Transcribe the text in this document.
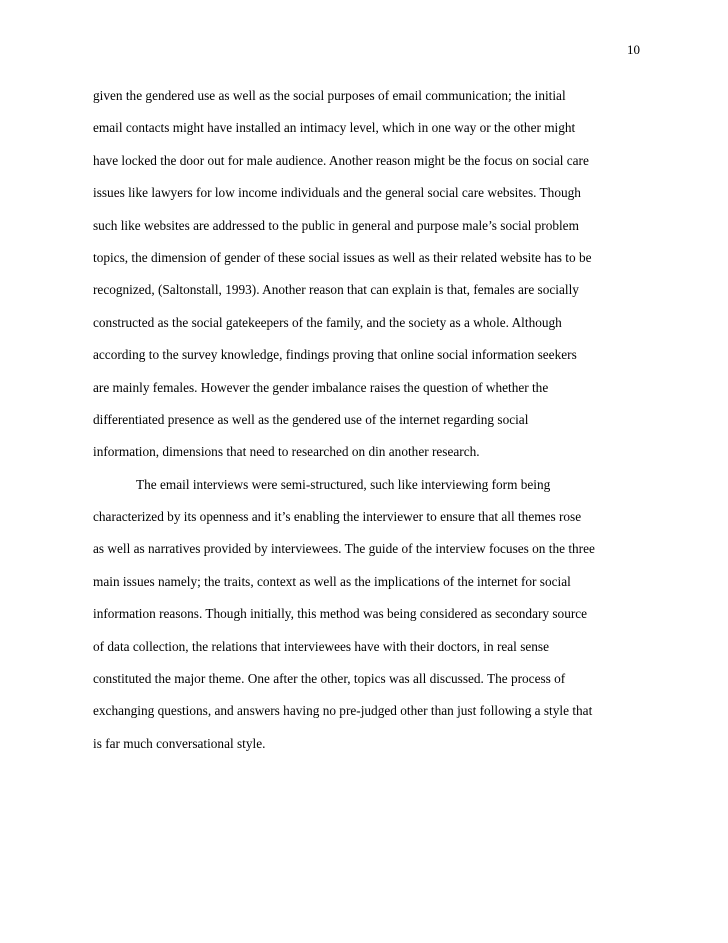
10
given the gendered use as well as the social purposes of email communication; the initial
email contacts might have installed an intimacy level, which in one way or the other might
have locked the door out for male audience. Another reason might be the focus on social care
issues like lawyers for low income individuals and the general social care websites. Though
such like websites are addressed to the public in general and purpose male’s social problem
topics, the dimension of gender of these social issues as well as their related website has to be
recognized, (Saltonstall, 1993). Another reason that can explain is that, females are socially
constructed as the social gatekeepers of the family, and the society as a whole. Although
according to the survey knowledge, findings proving that online social information seekers
are mainly females. However the gender imbalance raises the question of whether the
differentiated presence as well as the gendered use of the internet regarding social
information, dimensions that need to researched on din another research.
The email interviews were semi-structured, such like interviewing form being
characterized by its openness and it’s enabling the interviewer to ensure that all themes rose
as well as narratives provided by interviewees. The guide of the interview focuses on the three
main issues namely; the traits, context as well as the implications of the internet for social
information reasons. Though initially, this method was being considered as secondary source
of data collection, the relations that interviewees have with their doctors, in real sense
constituted the major theme. One after the other, topics was all discussed. The process of
exchanging questions, and answers having no pre-judged other than just following a style that
is far much conversational style.
